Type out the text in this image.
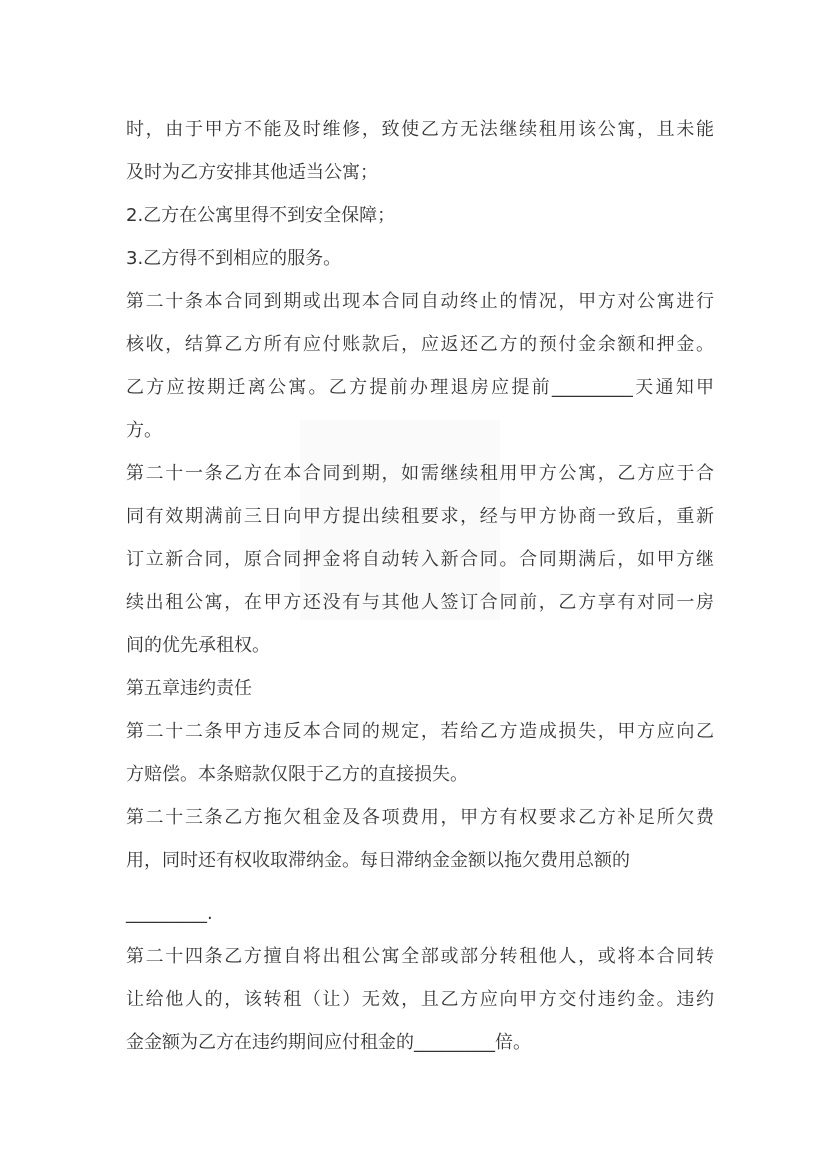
时，由于甲方不能及时维修，致使乙方无法继续租用该公寓，且未能
及时为乙方安排其他适当公寓；
2.乙方在公寓里得不到安全保障；
3.乙方得不到相应的服务。
第二十条本合同到期或出现本合同自动终止的情况，甲方对公寓进行
核收，结算乙方所有应付账款后，应返还乙方的预付金余额和押金。
乙方应按期迁离公寓。乙方提前办理退房应提前_________天通知甲
方。
第二十一条乙方在本合同到期，如需继续租用甲方公寓，乙方应于合
同有效期满前三日向甲方提出续租要求，经与甲方协商一致后，重新
订立新合同，原合同押金将自动转入新合同。合同期满后，如甲方继
续出租公寓，在甲方还没有与其他人签订合同前，乙方享有对同一房
间的优先承租权。
第五章违约责任
第二十二条甲方违反本合同的规定，若给乙方造成损失，甲方应向乙
方赔偿。本条赔款仅限于乙方的直接损失。
第二十三条乙方拖欠租金及各项费用，甲方有权要求乙方补足所欠费
用，同时还有权收取滞纳金。每日滞纳金金额以拖欠费用总额的
_________.
第二十四条乙方擅自将出租公寓全部或部分转租他人，或将本合同转
让给他人的，该转租（让）无效，且乙方应向甲方交付违约金。违约
金金额为乙方在违约期间应付租金的_________倍。
